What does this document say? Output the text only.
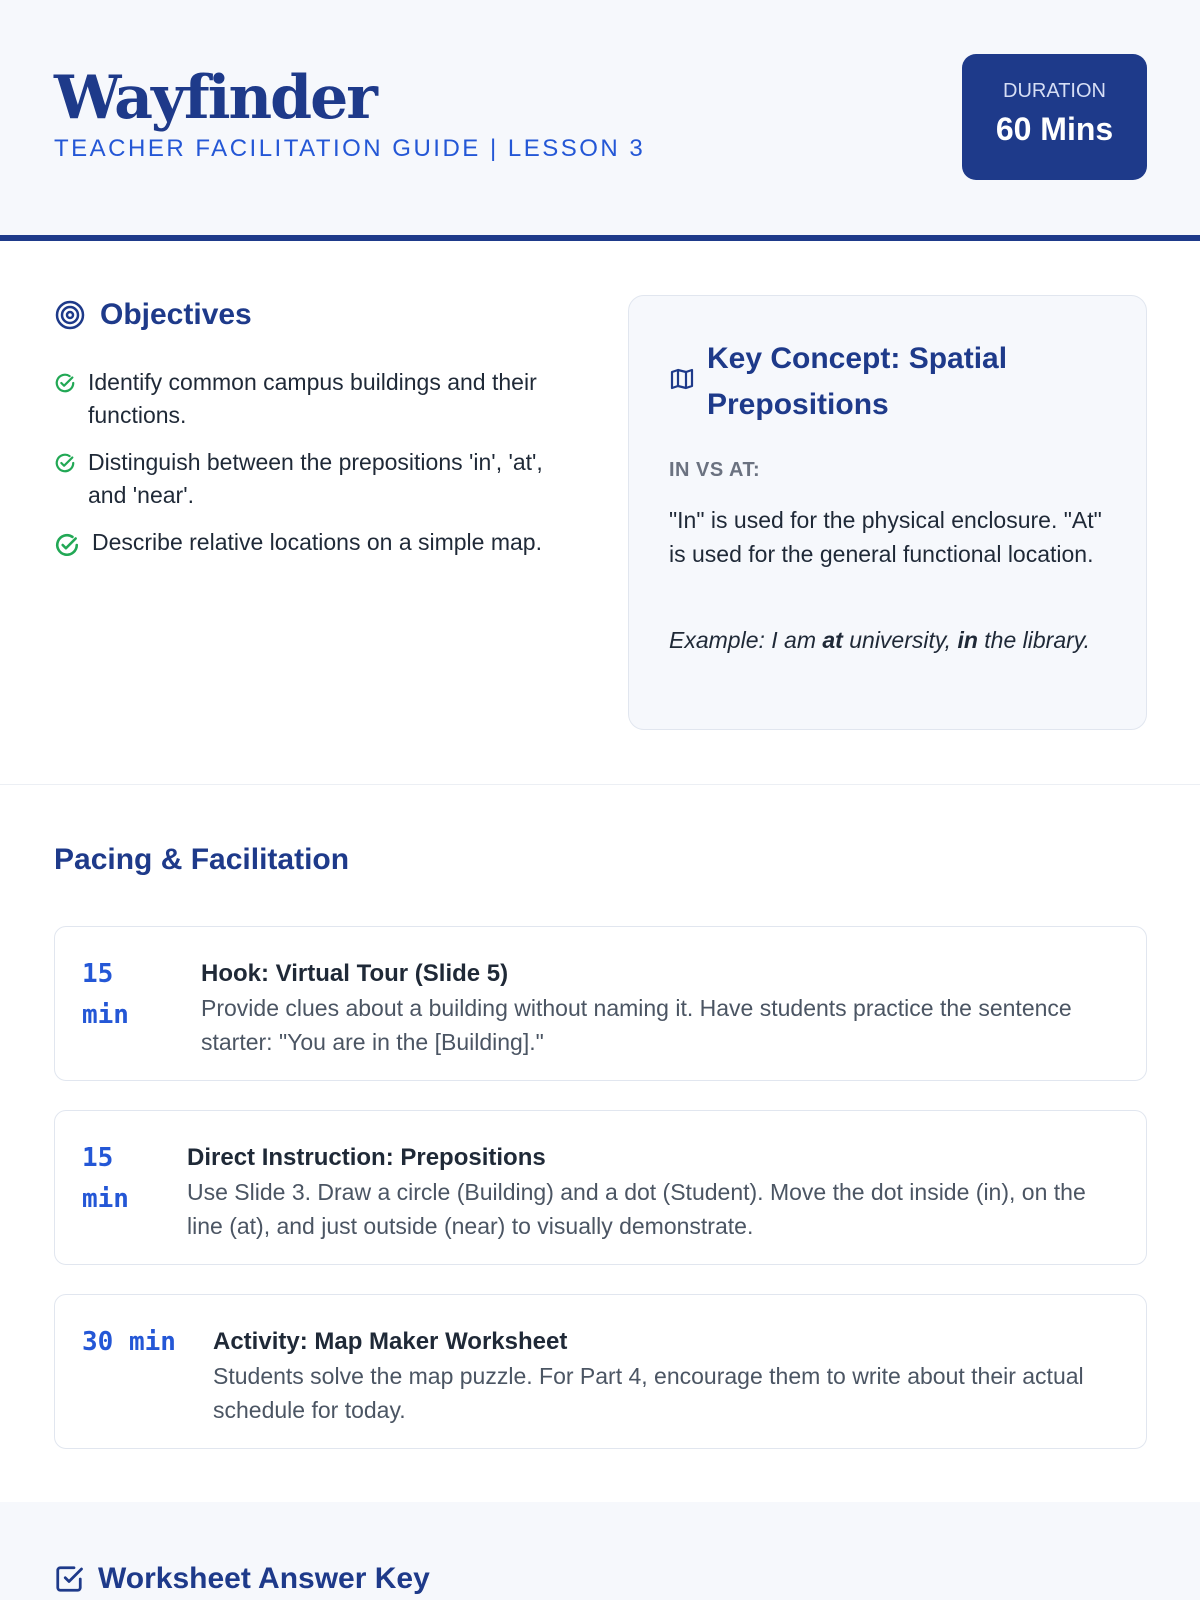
Wayfinder
TEACHER FACILITATION GUIDE | LESSON 3
DURATION
60 Mins
Objectives
Identify common campus buildings and their functions.
Distinguish between the prepositions 'in', 'at', and 'near'.
Describe relative locations on a simple map.
Key Concept: Spatial Prepositions
IN VS AT:

"In" is used for the physical enclosure. "At" is used for the general functional location.

Example: I am at university, in the library.

Pacing & Facilitation
15 min
Hook: Virtual Tour (Slide 5)

Provide clues about a building without naming it. Have students practice the sentence starter: "You are in the [Building]."

15 min
Direct Instruction: Prepositions

Use Slide 3. Draw a circle (Building) and a dot (Student). Move the dot inside (in), on the line (at), and just outside (near) to visually demonstrate.

30 min	Activity: Map Maker Worksheet

Students solve the map puzzle. For Part 4, encourage them to write about their actual schedule for today.

Worksheet Answer Key
